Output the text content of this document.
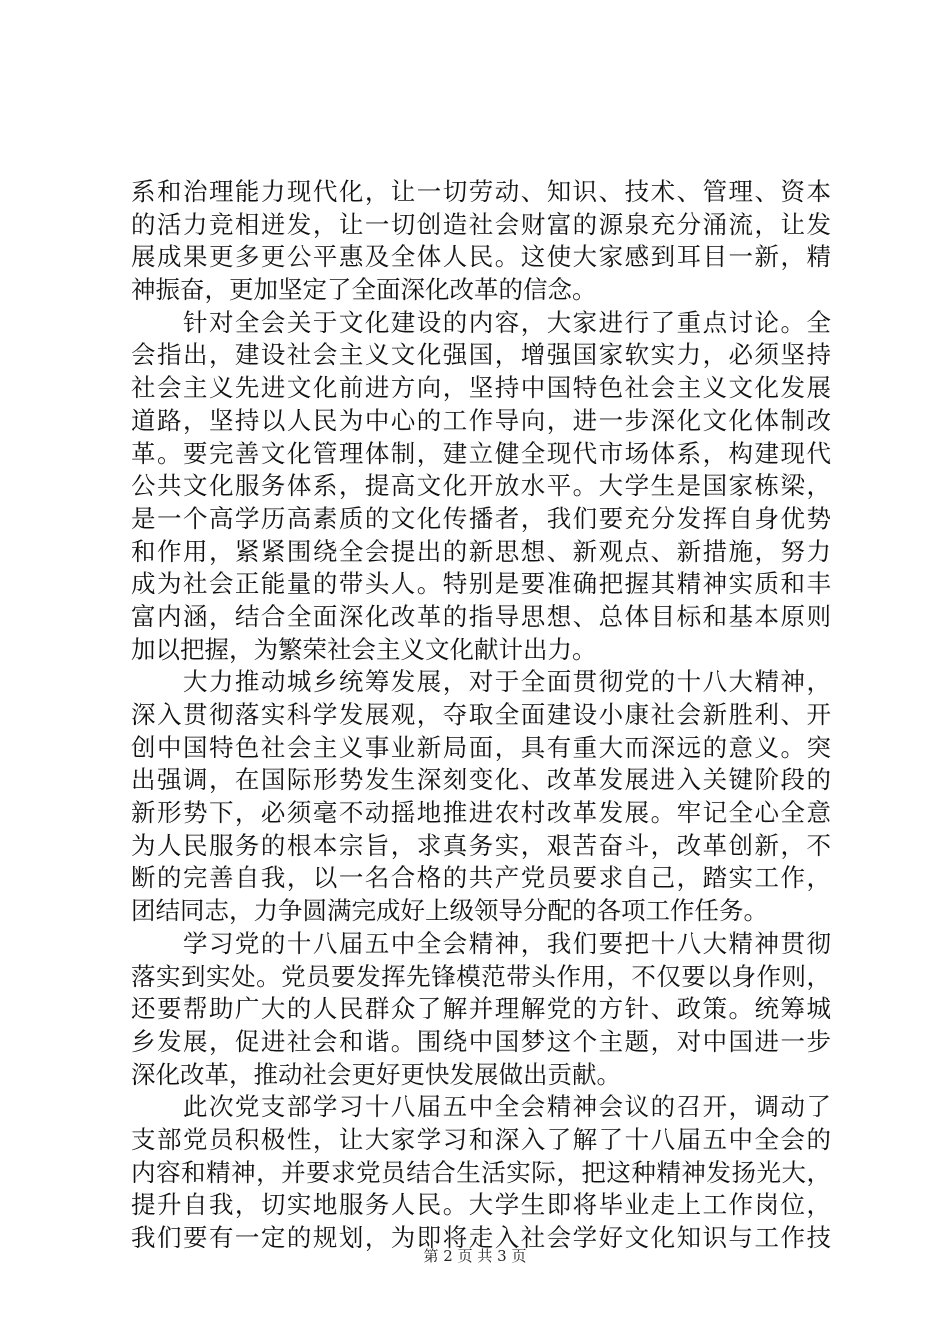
系和治理能力现代化，让一切劳动、知识、技术、管理、资本
的活力竞相迸发，让一切创造社会财富的源泉充分涌流，让发
展成果更多更公平惠及全体人民。这使大家感到耳目一新，精
神振奋，更加坚定了全面深化改革的信念。
　　针对全会关于文化建设的内容，大家进行了重点讨论。全
会指出，建设社会主义文化强国，增强国家软实力，必须坚持
社会主义先进文化前进方向，坚持中国特色社会主义文化发展
道路，坚持以人民为中心的工作导向，进一步深化文化体制改
革。要完善文化管理体制，建立健全现代市场体系，构建现代
公共文化服务体系，提高文化开放水平。大学生是国家栋梁，
是一个高学历高素质的文化传播者，我们要充分发挥自身优势
和作用，紧紧围绕全会提出的新思想、新观点、新措施，努力
成为社会正能量的带头人。特别是要准确把握其精神实质和丰
富内涵，结合全面深化改革的指导思想、总体目标和基本原则
加以把握，为繁荣社会主义文化献计出力。
　　大力推动城乡统筹发展，对于全面贯彻党的十八大精神，
深入贯彻落实科学发展观，夺取全面建设小康社会新胜利、开
创中国特色社会主义事业新局面，具有重大而深远的意义。突
出强调，在国际形势发生深刻变化、改革发展进入关键阶段的
新形势下，必须毫不动摇地推进农村改革发展。牢记全心全意
为人民服务的根本宗旨，求真务实，艰苦奋斗，改革创新，不
断的完善自我，以一名合格的共产党员要求自己，踏实工作，
团结同志，力争圆满完成好上级领导分配的各项工作任务。
　　学习党的十八届五中全会精神，我们要把十八大精神贯彻
落实到实处。党员要发挥先锋模范带头作用，不仅要以身作则，
还要帮助广大的人民群众了解并理解党的方针、政策。统筹城
乡发展，促进社会和谐。围绕中国梦这个主题，对中国进一步
深化改革，推动社会更好更快发展做出贡献。
　　此次党支部学习十八届五中全会精神会议的召开，调动了
支部党员积极性，让大家学习和深入了解了十八届五中全会的
内容和精神，并要求党员结合生活实际，把这种精神发扬光大，
提升自我，切实地服务人民。大学生即将毕业走上工作岗位，
我们要有一定的规划，为即将走入社会学好文化知识与工作技
第 2 页 共 3 页
